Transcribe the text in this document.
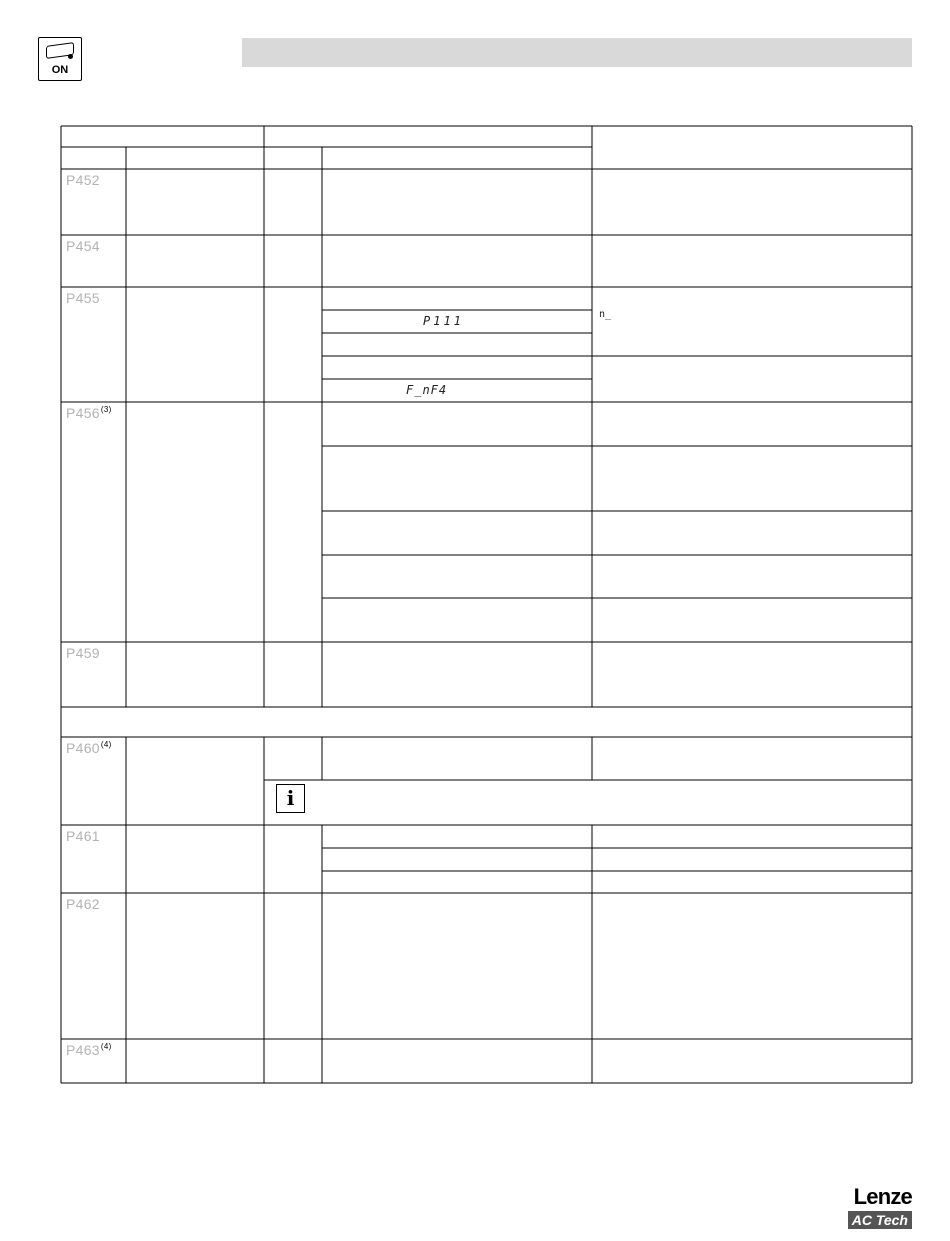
ON
P452
P454
P455
P456$^{(3)}$
P459
P460$^{(4)}$
P461
P462
P463$^{(4)}$
P111
F_nF4
n_
i
Lenze
AC Tech
